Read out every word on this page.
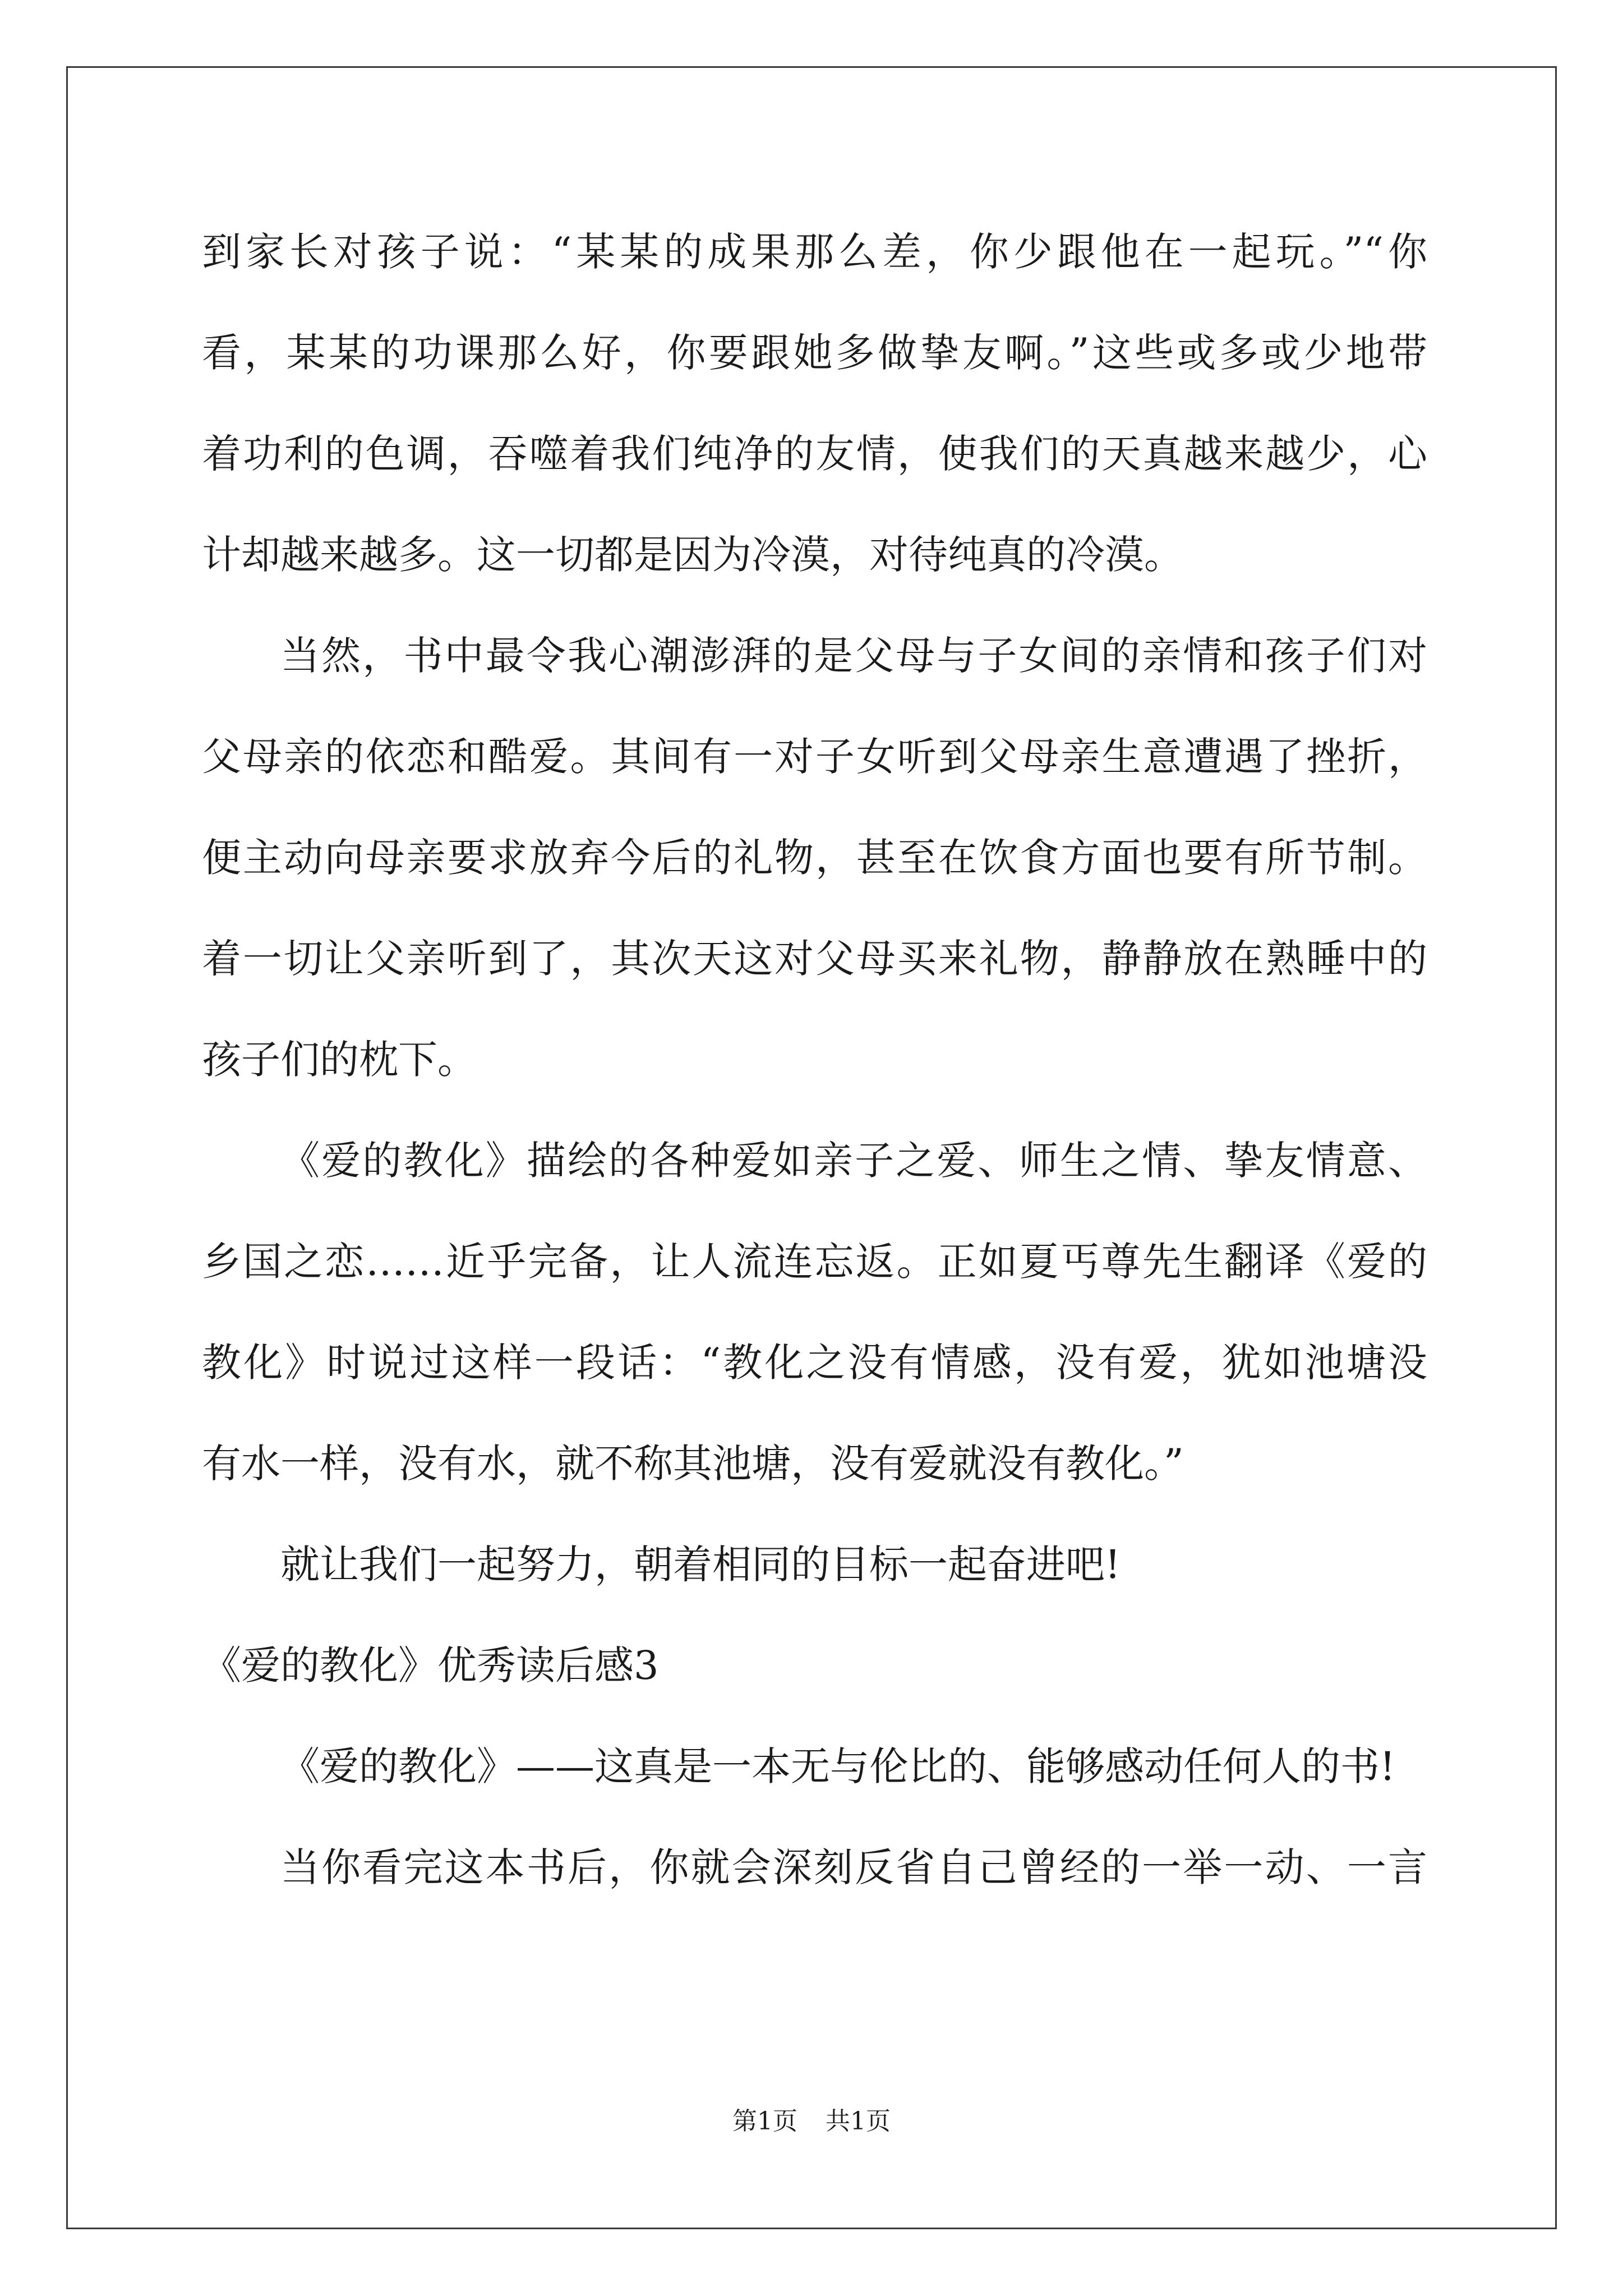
到家长对孩子说：“某某的成果那么差，你少跟他在一起玩。”“你
看，某某的功课那么好，你要跟她多做挚友啊。”这些或多或少地带
着功利的色调，吞噬着我们纯净的友情，使我们的天真越来越少，心
计却越来越多。这一切都是因为冷漠，对待纯真的冷漠。
当然，书中最令我心潮澎湃的是父母与子女间的亲情和孩子们对
父母亲的依恋和酷爱。其间有一对子女听到父母亲生意遭遇了挫折，
便主动向母亲要求放弃今后的礼物，甚至在饮食方面也要有所节制。
着一切让父亲听到了，其次天这对父母买来礼物，静静放在熟睡中的
孩子们的枕下。
《爱的教化》描绘的各种爱如亲子之爱、师生之情、挚友情意、
乡国之恋……近乎完备，让人流连忘返。正如夏丐尊先生翻译《爱的
教化》时说过这样一段话：“教化之没有情感，没有爱，犹如池塘没
有水一样，没有水，就不称其池塘，没有爱就没有教化。”
就让我们一起努力，朝着相同的目标一起奋进吧!
《爱的教化》优秀读后感3
《爱的教化》——这真是一本无与伦比的、能够感动任何人的书!
当你看完这本书后，你就会深刻反省自己曾经的一举一动、一言
第1页 共1页
